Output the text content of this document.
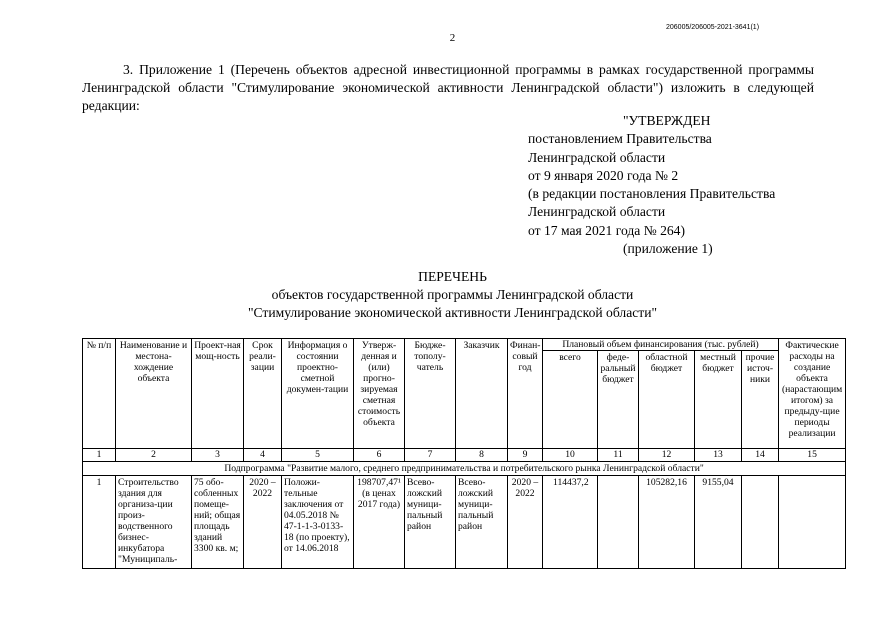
206005/206005-2021-3641(1)
2
3. Приложение 1 (Перечень объектов адресной инвестиционной программы в рамках государственной программы Ленинградской области "Стимулирование экономической активности Ленинградской области") изложить в следующей редакции:
"УТВЕРЖДЕН
постановлением Правительства
Ленинградской области
от 9 января 2020 года № 2
(в редакции постановления Правительства
Ленинградской области
от 17 мая 2021 года № 264)
(приложение 1)
ПЕРЕЧЕНЬ
объектов государственной программы Ленинградской области
"Стимулирование экономической активности Ленинградской области"
№ п/п	Наименование и местона-хождение объекта	Проект-ная мощ-ность	Срок реали-зации	Информация о состоянии проектно-сметной докумен-тации	Утверж-денная и (или) прогно-зируемая сметная стоимость объекта	Бюдже-тополу-чатель	Заказчик	Финан-совый год	Плановый объем финансирования (тыс. рублей)					Фактические расходы на создание объекта (нарастающим итогом) за предыду-щие периоды реализации
									всего	феде-ральный бюджет	областной бюджет	местный бюджет	прочие источ-ники	
1	2	3	4	5	6	7	8	9	10	11	12	13	14	15
Подпрограмма "Развитие малого, среднего предпринимательства и потребительского рынка Ленинградской области"														
1	Строительство здания для организа-ции произ-водственного бизнес-инкубатора "Муниципаль-	75 обо-собленных помеще-ний; общая площадь зданий 3300 кв. м;	2020 – 2022	Положи-тельные заключения от 04.05.2018 № 47-1-1-3-0133-18 (по проекту), от 14.06.2018	198707,47¹ (в ценах 2017 года)	Всево-ложский муници-пальный район	Всево-ложский муници-пальный район	2020 – 2022	114437,2		105282,16	9155,04		
